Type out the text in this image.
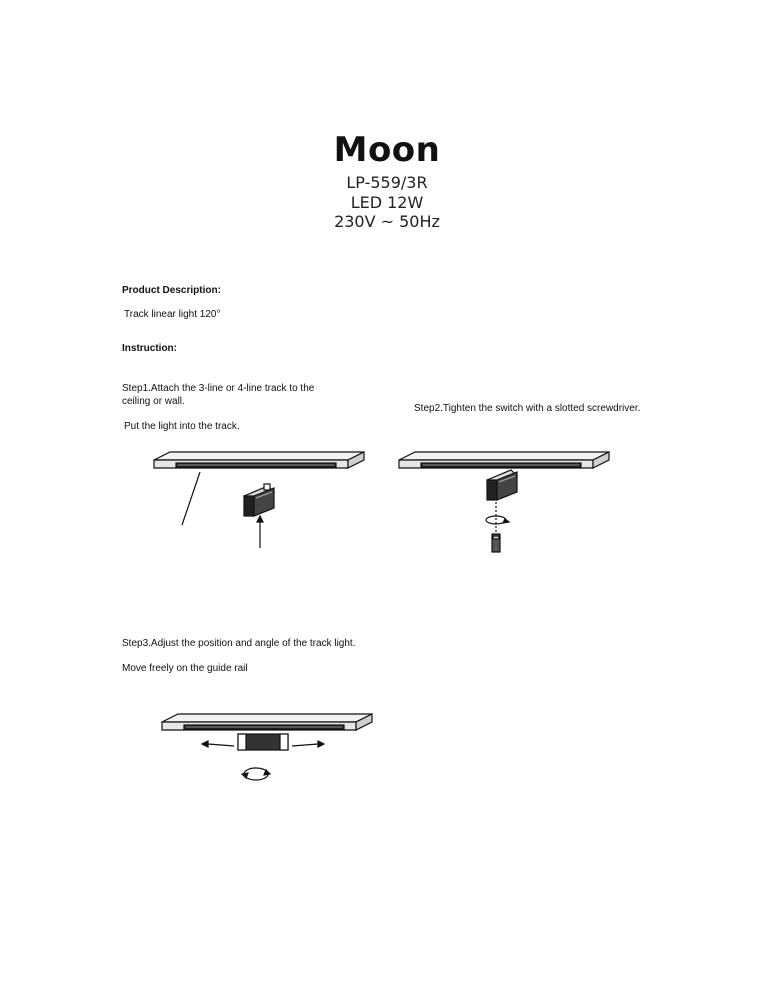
Moon
LP-559/3R
LED 12W
230V ~ 50Hz
Product Description:
Track linear light 120°
Instruction:
Step1.Attach the 3-line or 4-line track to the
ceiling or wall.
Put the light into the track.
Step2.Tighten the switch with a slotted screwdriver.
Step3.Adjust the position and angle of the track light.
Move freely on the guide rail
